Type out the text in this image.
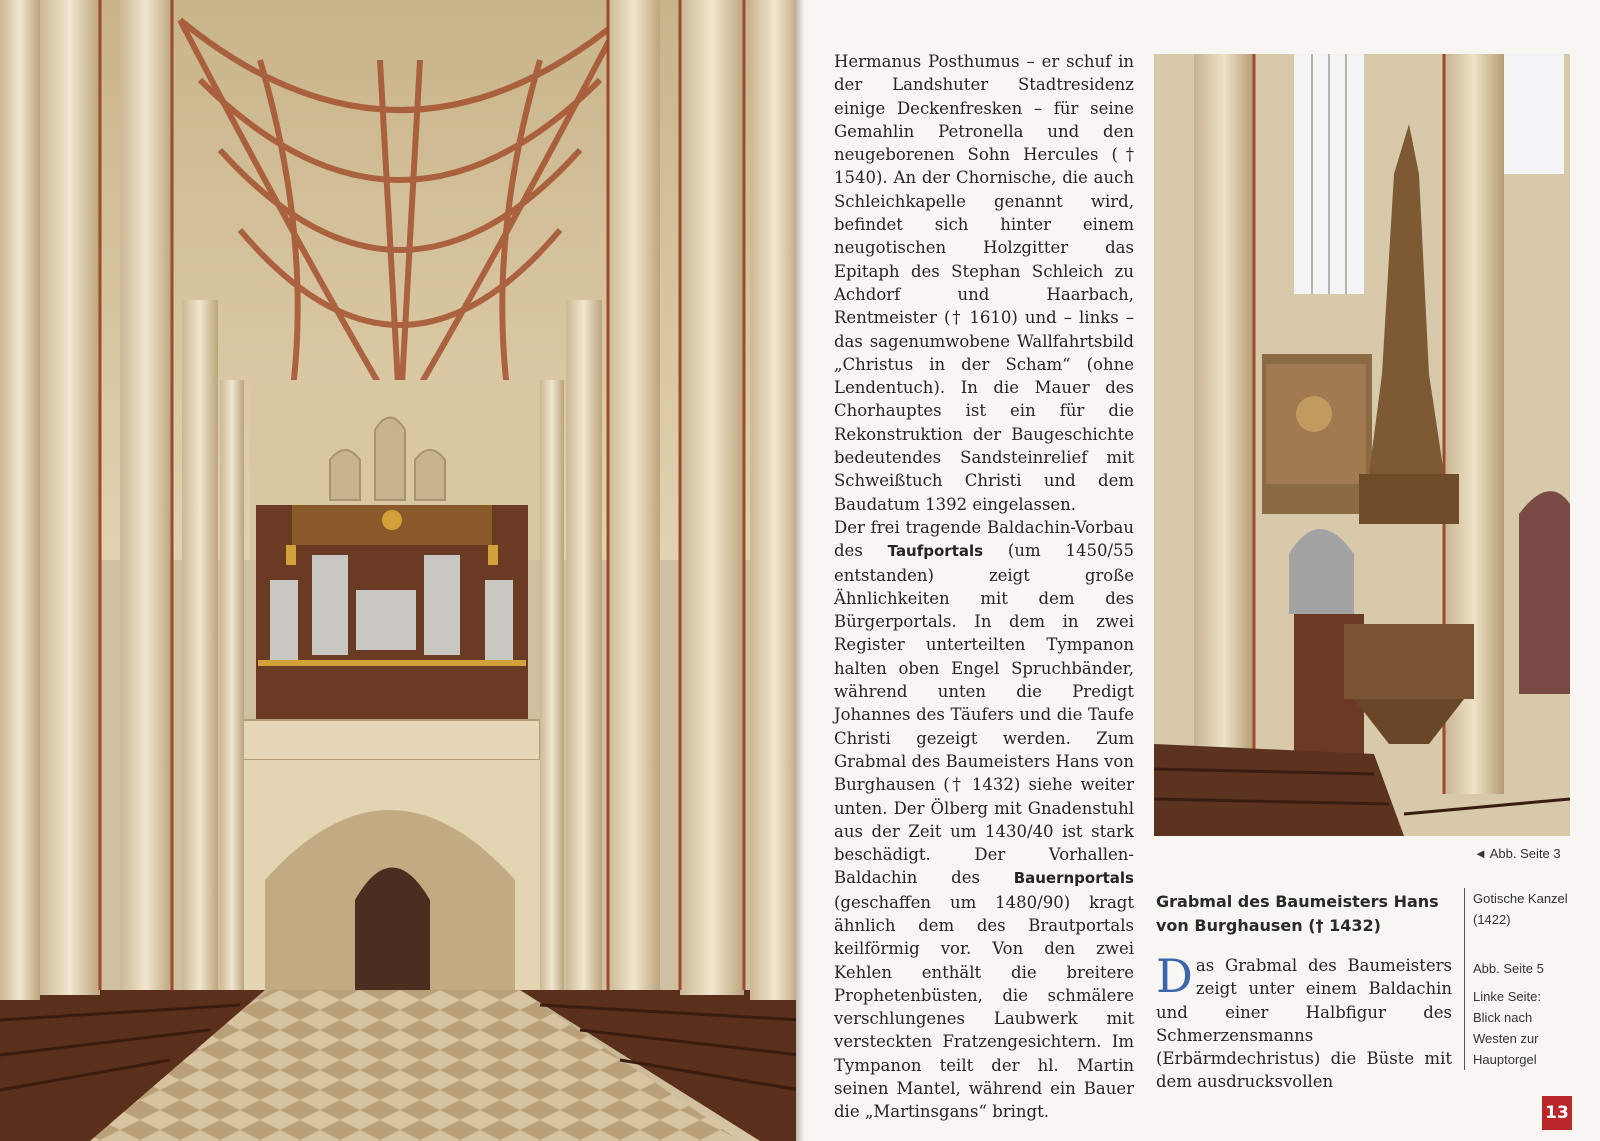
Hermanus Posthumus – er schuf in der Landshuter Stadtresidenz einige Deckenfresken – für seine Gemahlin Petronella und den neugeborenen Sohn Hercules († 1540). An der Chornische, die auch Schleichkapelle genannt wird, befindet sich hinter einem neugotischen Holzgitter das Epitaph des Stephan Schleich zu Achdorf und Haarbach, Rentmeister († 1610) und – links – das sagenumwobene Wallfahrtsbild „Christus in der Scham“ (ohne Lendentuch). In die Mauer des Chorhauptes ist ein für die Rekonstruktion der Baugeschichte bedeutendes Sandsteinrelief mit Schweißtuch Christi und dem Baudatum 1392 eingelassen.

Der frei tragende Baldachin-Vorbau des Taufportals (um 1450/55 entstanden) zeigt große Ähnlichkeiten mit dem des Bürgerportals. In dem in zwei Register unterteilten Tympanon halten oben Engel Spruchbänder, während unten die Predigt Johannes des Täufers und die Taufe Christi gezeigt werden. Zum Grabmal des Baumeisters Hans von Burghausen († 1432) siehe weiter unten. Der Ölberg mit Gnadenstuhl aus der Zeit um 1430/40 ist stark beschädigt. Der Vorhallen-Baldachin des Bauernportals (geschaffen um 1480/90) kragt ähnlich dem des Brautportals keilförmig vor. Von den zwei Kehlen enthält die breitere Prophetenbüsten, die schmälere verschlungenes Laubwerk mit versteckten Fratzengesichtern. Im Tympanon teilt der hl. Martin seinen Mantel, während ein Bauer die „Martinsgans“ bringt.

◄ Abb. Seite 3
Grabmal des Baumeisters Hans von Burghausen († 1432)

Das Grabmal des Baumeisters zeigt unter einem Baldachin und einer Halbfigur des Schmerzensmanns (Erbärmdechristus) die Büste mit dem ausdrucksvollen

Gotische Kanzel (1422)
Abb. Seite 5
Linke Seite: Blick nach Westen zur Hauptorgel
13
